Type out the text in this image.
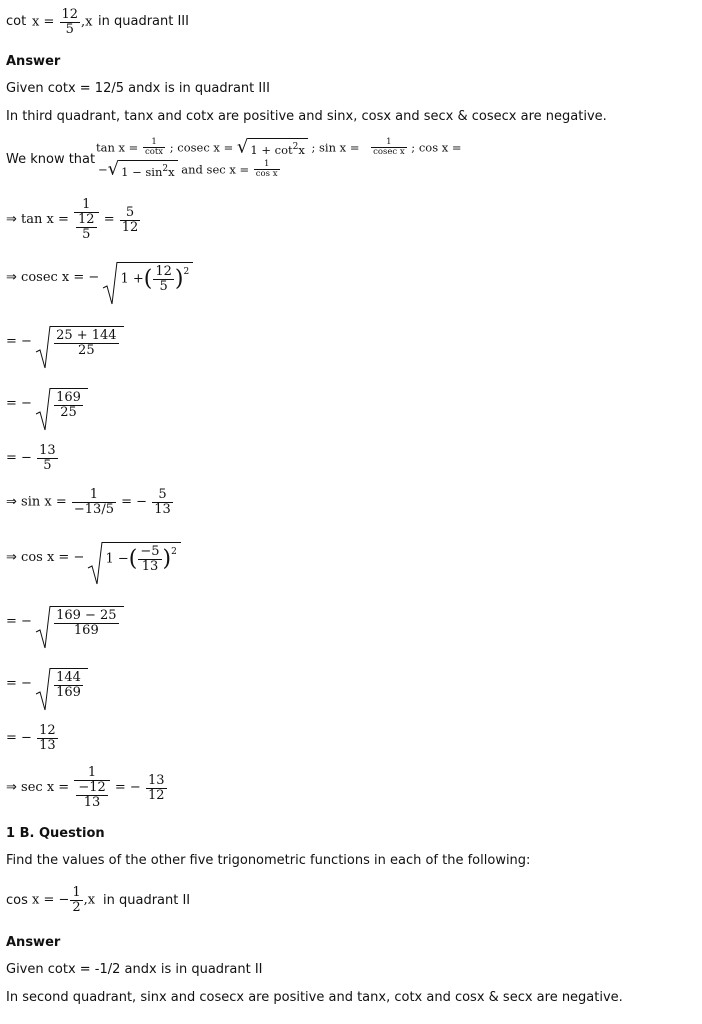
$\cot x = \frac{12}{5} ,x$ in quadrant III
Answer
Given cotx = 12/5 andx is in quadrant III
In third quadrant, tanx and cotx are positive and sinx, cosx and secx & cosecx are negative.
We know that
$\tan x = \frac{1}{\cot x}$ ; cosec x = √ $1 + \cot^2x$ ; $\sin x = \frac{1}{\text{cosec x}}$ ; cos x =
−√ $1 - \sin^2x$ and $\sec x = \frac{1}{\text{cos x}}$
⇒ $\tan x = \frac{1}{\frac{12}{5}} = \frac{5}{12}$
⇒ cosec x = − 1 +( $\frac{12}{5} )^2$
= − $\frac{25 + 144}{25}$
= − $\frac{169}{25}$
= − $\frac{13}{5}$
⇒ $\sin x = \frac{1}{-13/5}$ = − $\frac{5}{13}$
⇒ cos x = − 1 −( $\frac{-5}{13} )^2$
= − $\frac{169 - 25}{169}$
= − $\frac{144}{169}$
= − $\frac{12}{13}$
⇒ $\sec x = \frac{1}{\frac{-12}{13}}$ = − $\frac{13}{12}$
1 B. Question
Find the values of the other five trigonometric functions in each of the following:
cos x = − $\frac{1}{2} ,x$ in quadrant II
Answer
Given cotx = -1/2 andx is in quadrant II
In second quadrant, sinx and cosecx are positive and tanx, cotx and cosx & secx are negative.
